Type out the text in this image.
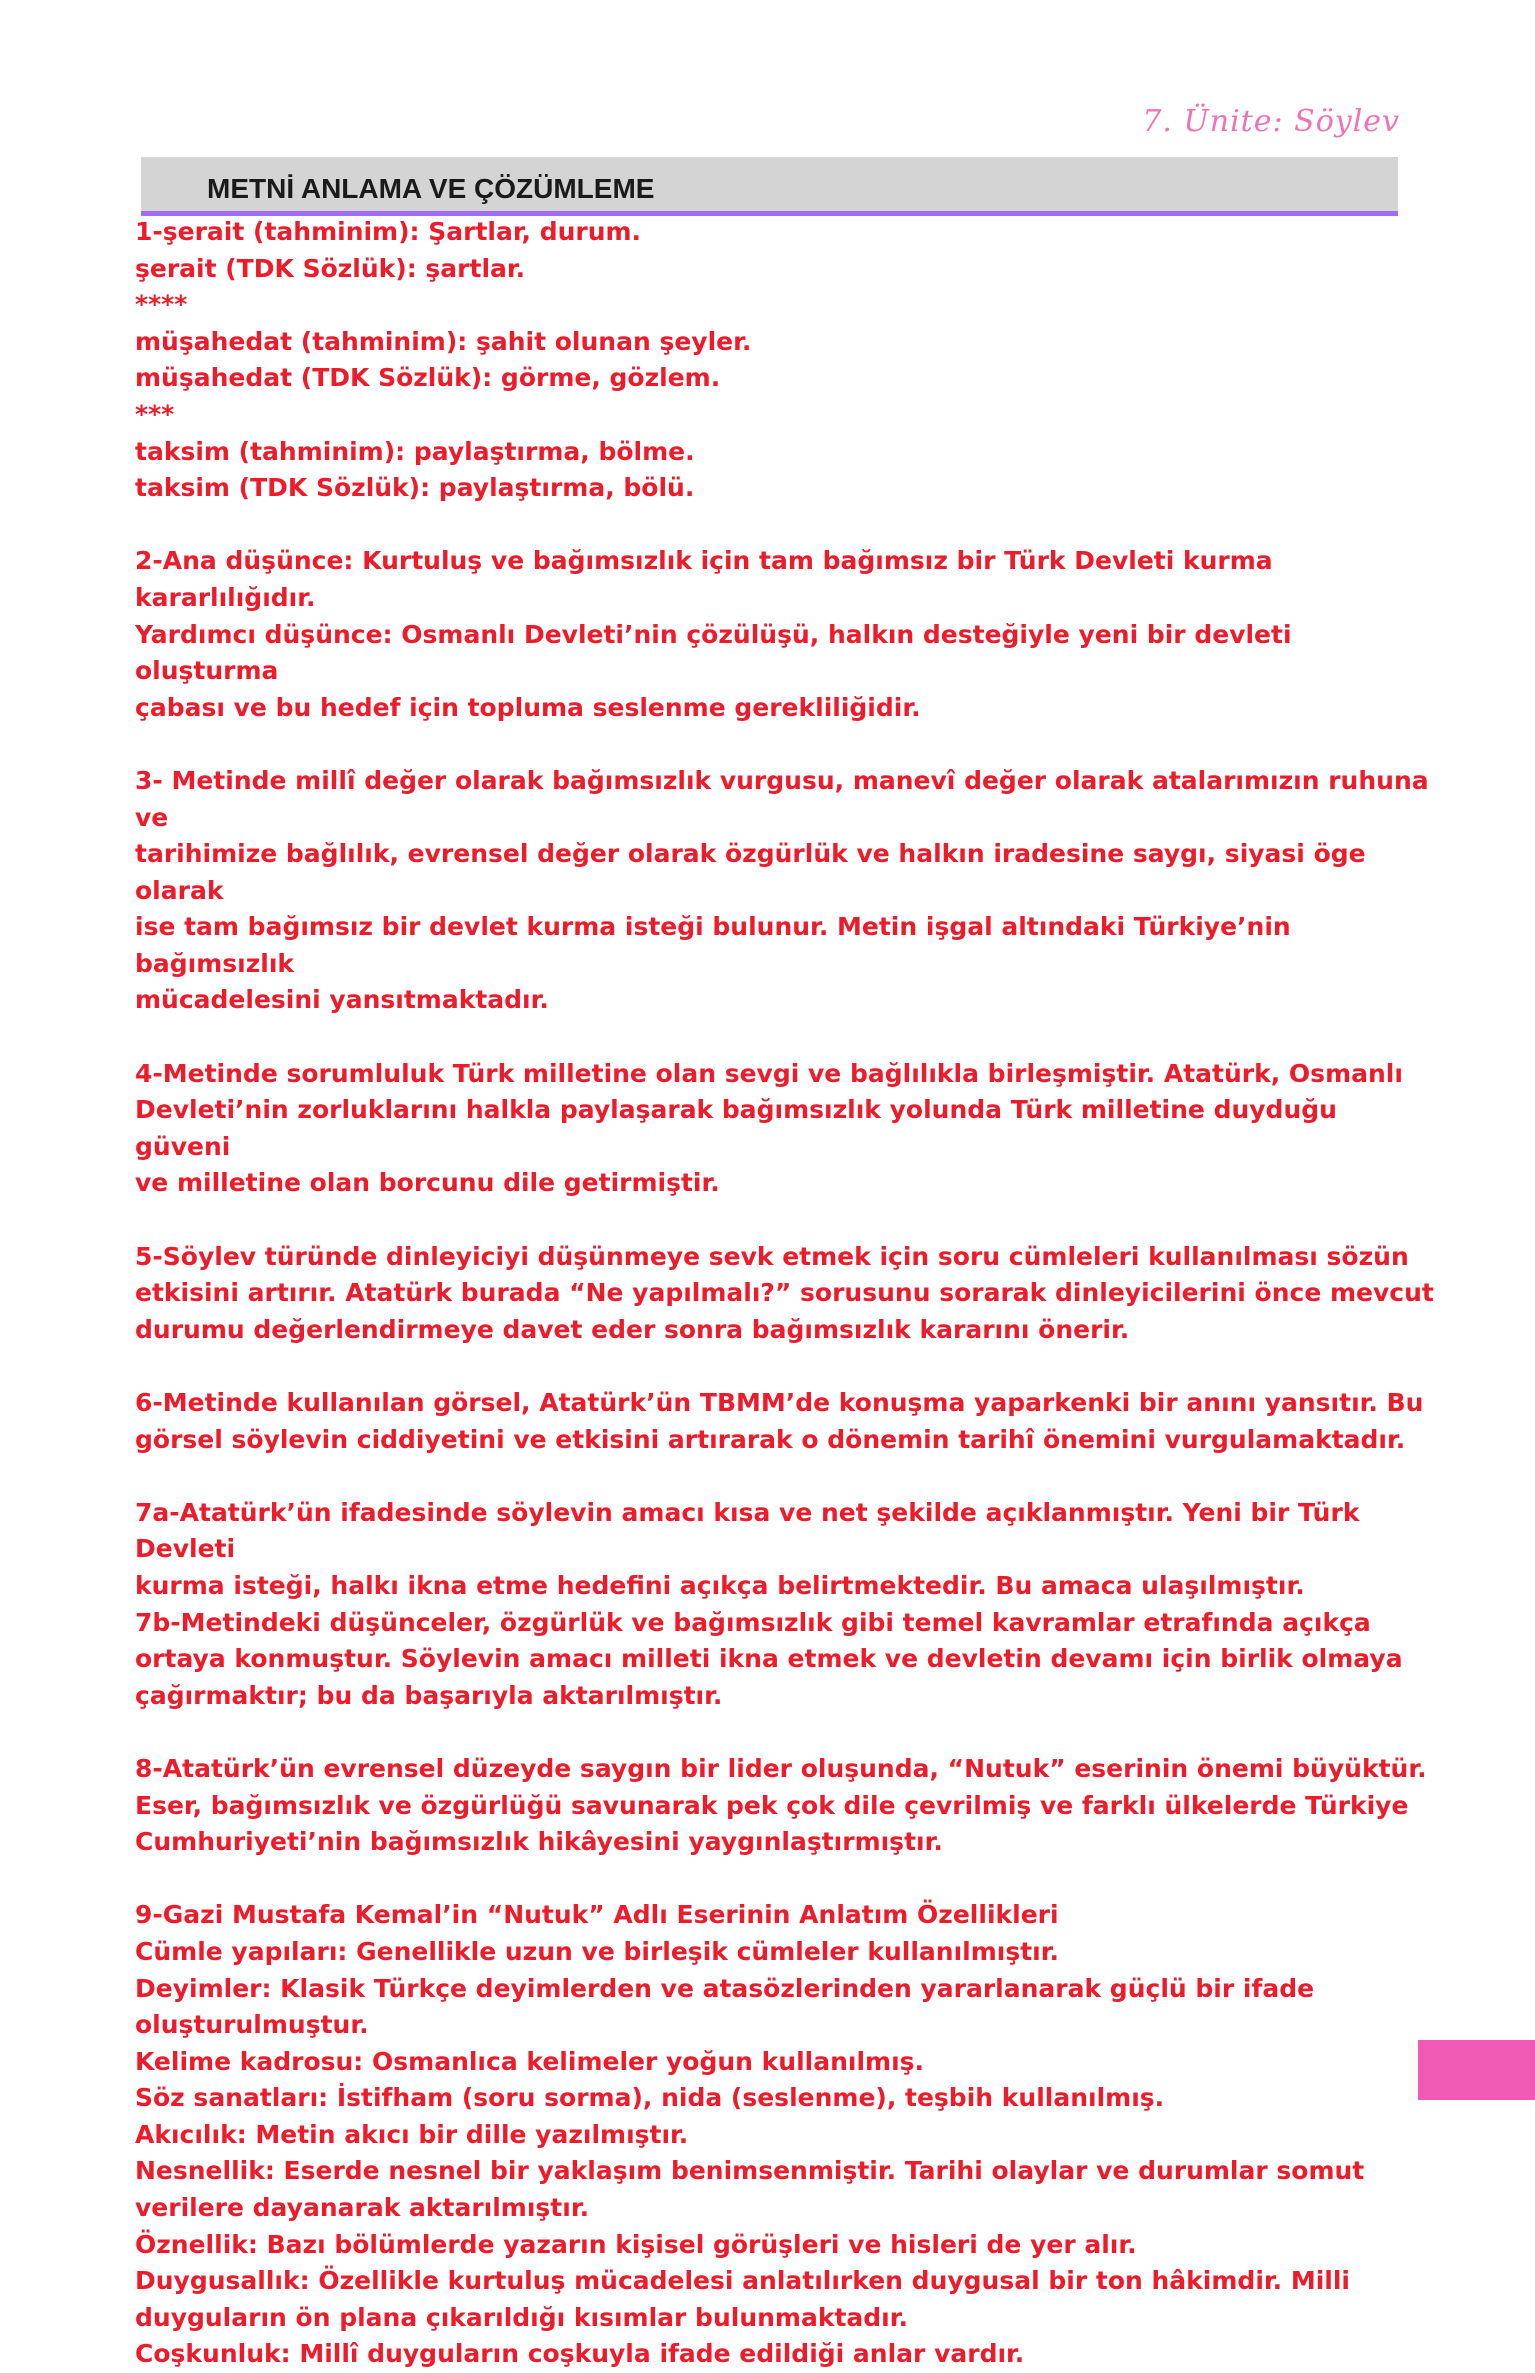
7. Ünite: Söylev
METNİ ANLAMA VE ÇÖZÜMLEME

1-şerait (tahminim): Şartlar, durum.
şerait (TDK Sözlük): şartlar.
****
müşahedat (tahminim): şahit olunan şeyler.
müşahedat (TDK Sözlük): görme, gözlem.
***
taksim (tahminim): paylaştırma, bölme.
taksim (TDK Sözlük): paylaştırma, bölü.

2-Ana düşünce: Kurtuluş ve bağımsızlık için tam bağımsız bir Türk Devleti kurma kararlılığıdır.
Yardımcı düşünce: Osmanlı Devleti’nin çözülüşü, halkın desteğiyle yeni bir devleti oluşturma
çabası ve bu hedef için topluma seslenme gerekliliğidir.

3- Metinde millî değer olarak bağımsızlık vurgusu, manevî değer olarak atalarımızın ruhuna ve
tarihimize bağlılık, evrensel değer olarak özgürlük ve halkın iradesine saygı, siyasi öge olarak
ise tam bağımsız bir devlet kurma isteği bulunur. Metin işgal altındaki Türkiye’nin bağımsızlık
mücadelesini yansıtmaktadır.

4-Metinde sorumluluk Türk milletine olan sevgi ve bağlılıkla birleşmiştir. Atatürk, Osmanlı
Devleti’nin zorluklarını halkla paylaşarak bağımsızlık yolunda Türk milletine duyduğu güveni
ve milletine olan borcunu dile getirmiştir.

5-Söylev türünde dinleyiciyi düşünmeye sevk etmek için soru cümleleri kullanılması sözün
etkisini artırır. Atatürk burada “Ne yapılmalı?” sorusunu sorarak dinleyicilerini önce mevcut
durumu değerlendirmeye davet eder sonra bağımsızlık kararını önerir.

6-Metinde kullanılan görsel, Atatürk’ün TBMM’de konuşma yaparkenki bir anını yansıtır. Bu
görsel söylevin ciddiyetini ve etkisini artırarak o dönemin tarihî önemini vurgulamaktadır.

7a-Atatürk’ün ifadesinde söylevin amacı kısa ve net şekilde açıklanmıştır. Yeni bir Türk Devleti
kurma isteği, halkı ikna etme hedefini açıkça belirtmektedir. Bu amaca ulaşılmıştır.
7b-Metindeki düşünceler, özgürlük ve bağımsızlık gibi temel kavramlar etrafında açıkça
ortaya konmuştur. Söylevin amacı milleti ikna etmek ve devletin devamı için birlik olmaya
çağırmaktır; bu da başarıyla aktarılmıştır.

8-Atatürk’ün evrensel düzeyde saygın bir lider oluşunda, “Nutuk” eserinin önemi büyüktür.
Eser, bağımsızlık ve özgürlüğü savunarak pek çok dile çevrilmiş ve farklı ülkelerde Türkiye
Cumhuriyeti’nin bağımsızlık hikâyesini yaygınlaştırmıştır.

9-Gazi Mustafa Kemal’in “Nutuk” Adlı Eserinin Anlatım Özellikleri
Cümle yapıları: Genellikle uzun ve birleşik cümleler kullanılmıştır.
Deyimler: Klasik Türkçe deyimlerden ve atasözlerinden yararlanarak güçlü bir ifade
oluşturulmuştur.
Kelime kadrosu: Osmanlıca kelimeler yoğun kullanılmış.
Söz sanatları: İstifham (soru sorma), nida (seslenme), teşbih kullanılmış.
Akıcılık: Metin akıcı bir dille yazılmıştır.
Nesnellik: Eserde nesnel bir yaklaşım benimsenmiştir. Tarihi olaylar ve durumlar somut
verilere dayanarak aktarılmıştır.
Öznellik: Bazı bölümlerde yazarın kişisel görüşleri ve hisleri de yer alır.
Duygusallık: Özellikle kurtuluş mücadelesi anlatılırken duygusal bir ton hâkimdir. Milli
duyguların ön plana çıkarıldığı kısımlar bulunmaktadır.
Coşkunluk: Millî duyguların coşkuyla ifade edildiği anlar vardır.
